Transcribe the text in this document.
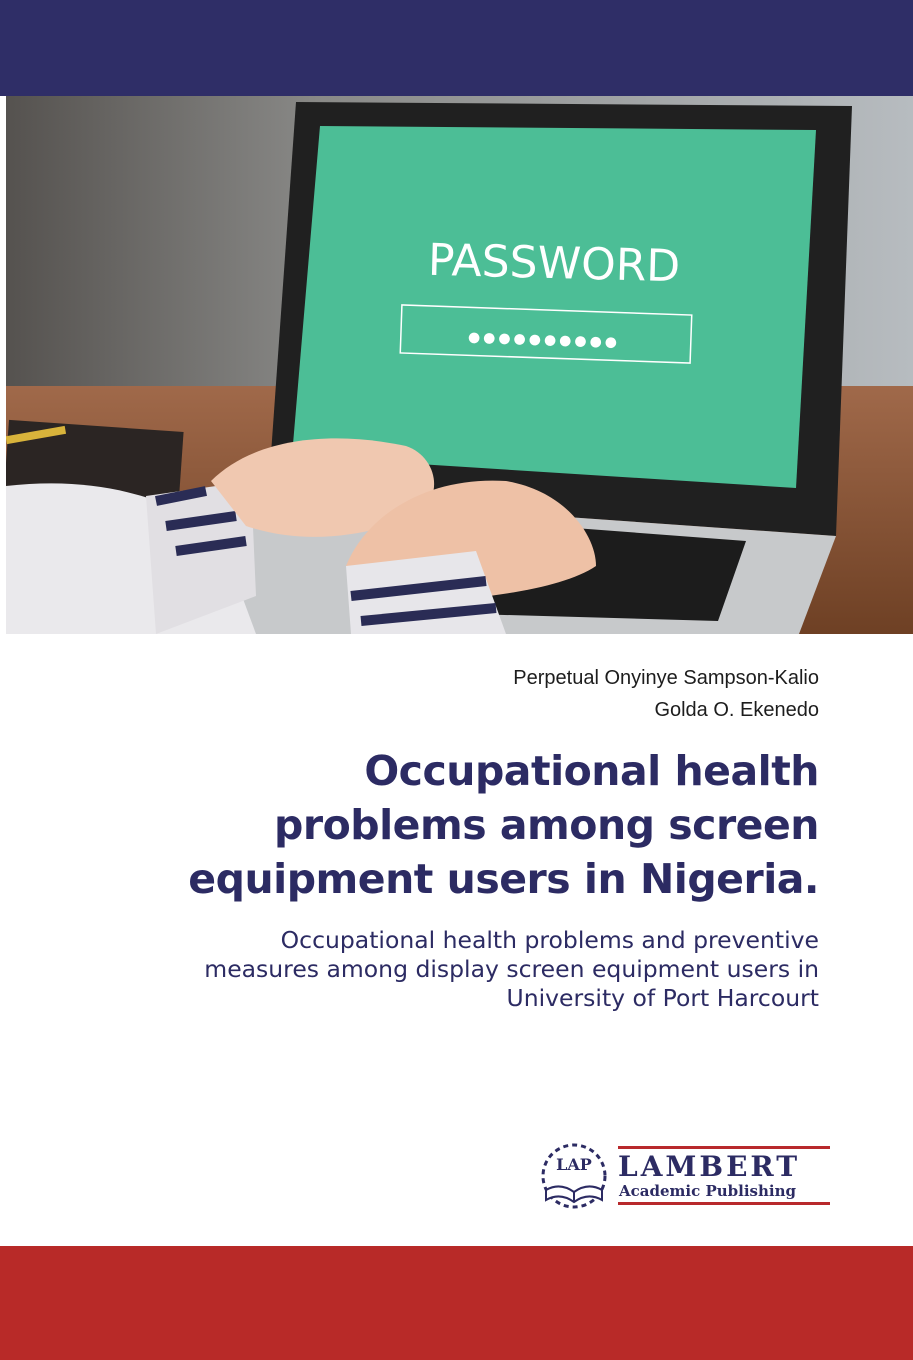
PASSWORD
●●●●●●●●●●
Perpetual Onyinye Sampson-Kalio
Golda O. Ekenedo
Occupational health
problems among screen
equipment users in Nigeria.
Occupational health problems and preventive
measures among display screen equipment users in
University of Port Harcourt
LAP LAMBERT
Academic Publishing
